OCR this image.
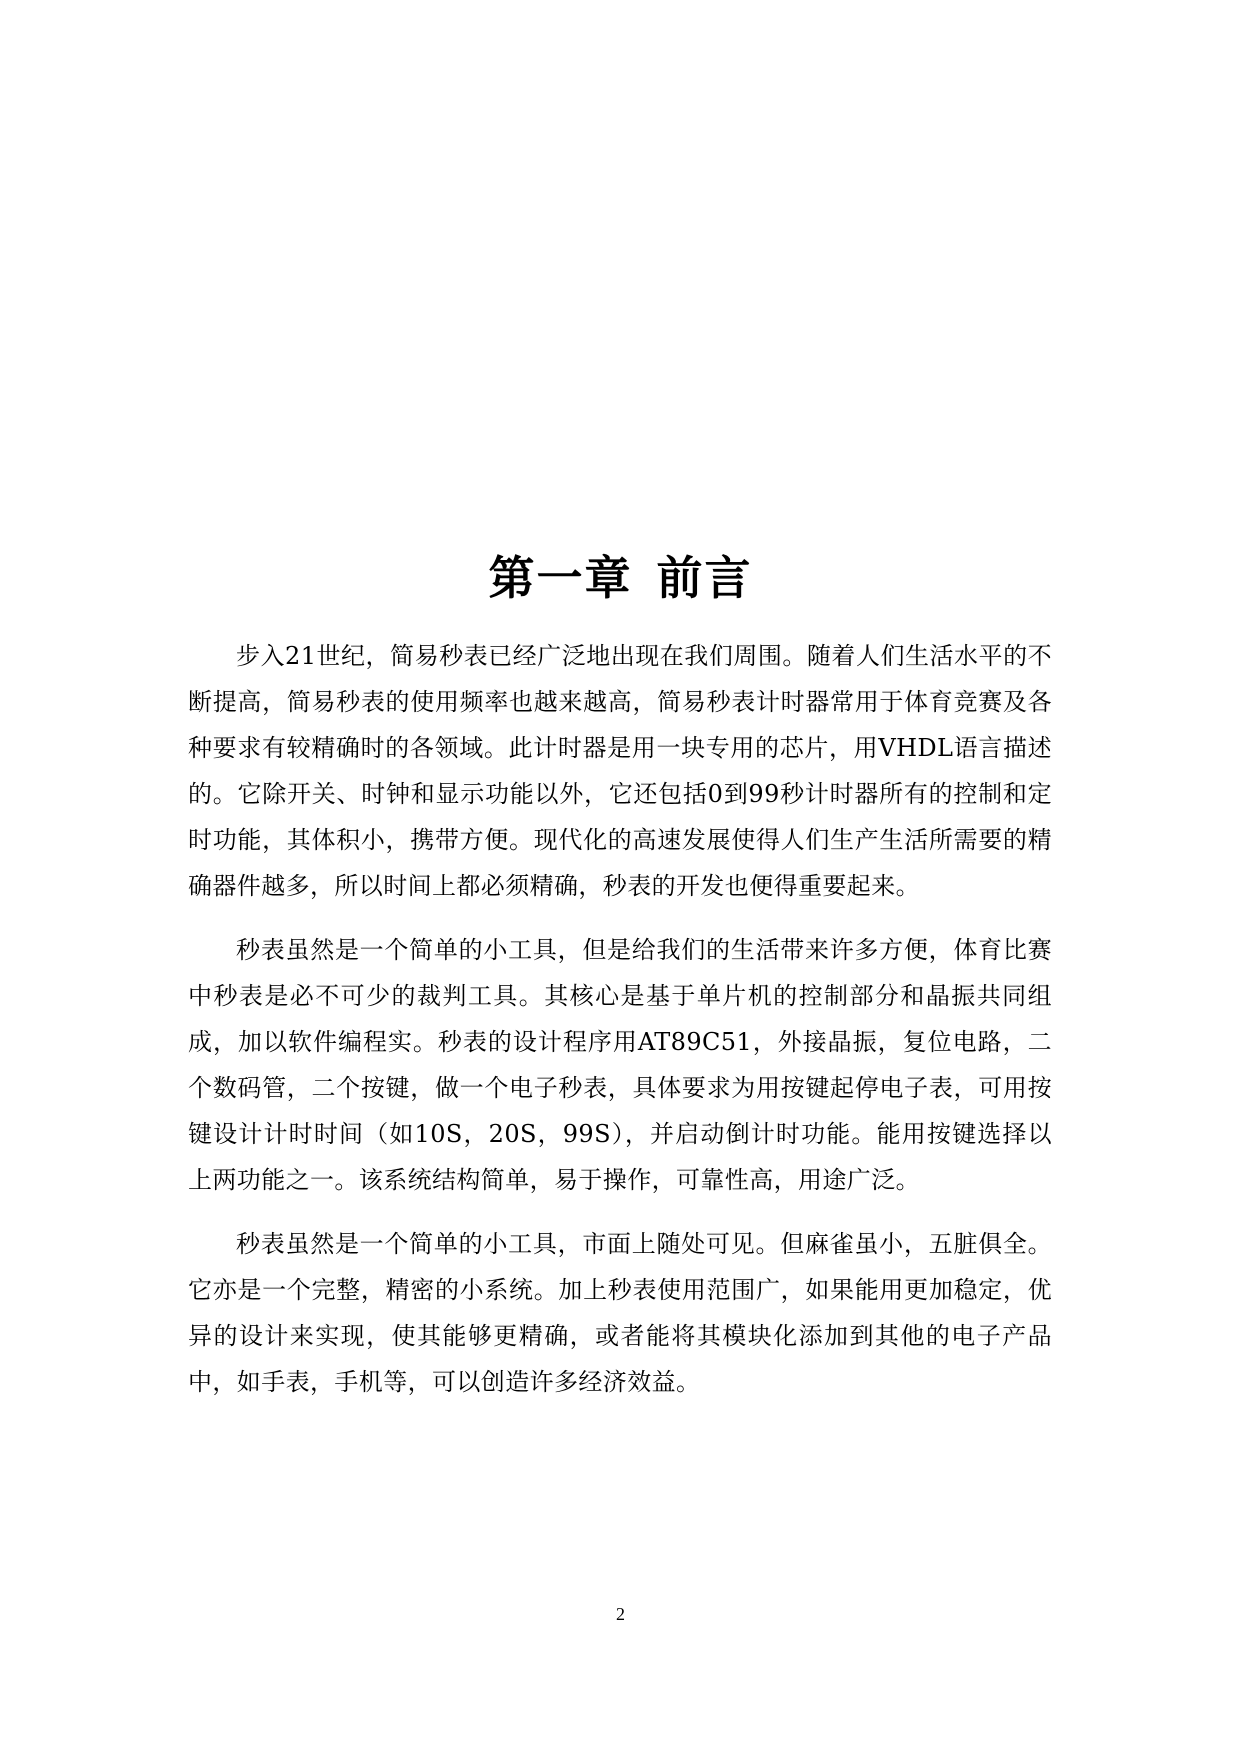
第一章 前言

步入21世纪，简易秒表已经广泛地出现在我们周围。随着人们生活水平的不断提高，简易秒表的使用频率也越来越高，简易秒表计时器常用于体育竞赛及各种要求有较精确时的各领域。此计时器是用一块专用的芯片，用VHDL语言描述的。它除开关、时钟和显示功能以外，它还包括0到99秒计时器所有的控制和定时功能，其体积小，携带方便。现代化的高速发展使得人们生产生活所需要的精确器件越多，所以时间上都必须精确，秒表的开发也便得重要起来。

秒表虽然是一个简单的小工具，但是给我们的生活带来许多方便，体育比赛中秒表是必不可少的裁判工具。其核心是基于单片机的控制部分和晶振共同组成，加以软件编程实。秒表的设计程序用AT89C51，外接晶振，复位电路，二个数码管，二个按键，做一个电子秒表，具体要求为用按键起停电子表，可用按键设计计时时间（如10S，20S，99S），并启动倒计时功能。能用按键选择以上两功能之一。该系统结构简单，易于操作，可靠性高，用途广泛。

秒表虽然是一个简单的小工具，市面上随处可见。但麻雀虽小，五脏俱全。它亦是一个完整，精密的小系统。加上秒表使用范围广，如果能用更加稳定，优异的设计来实现，使其能够更精确，或者能将其模块化添加到其他的电子产品中，如手表，手机等，可以创造许多经济效益。

2
